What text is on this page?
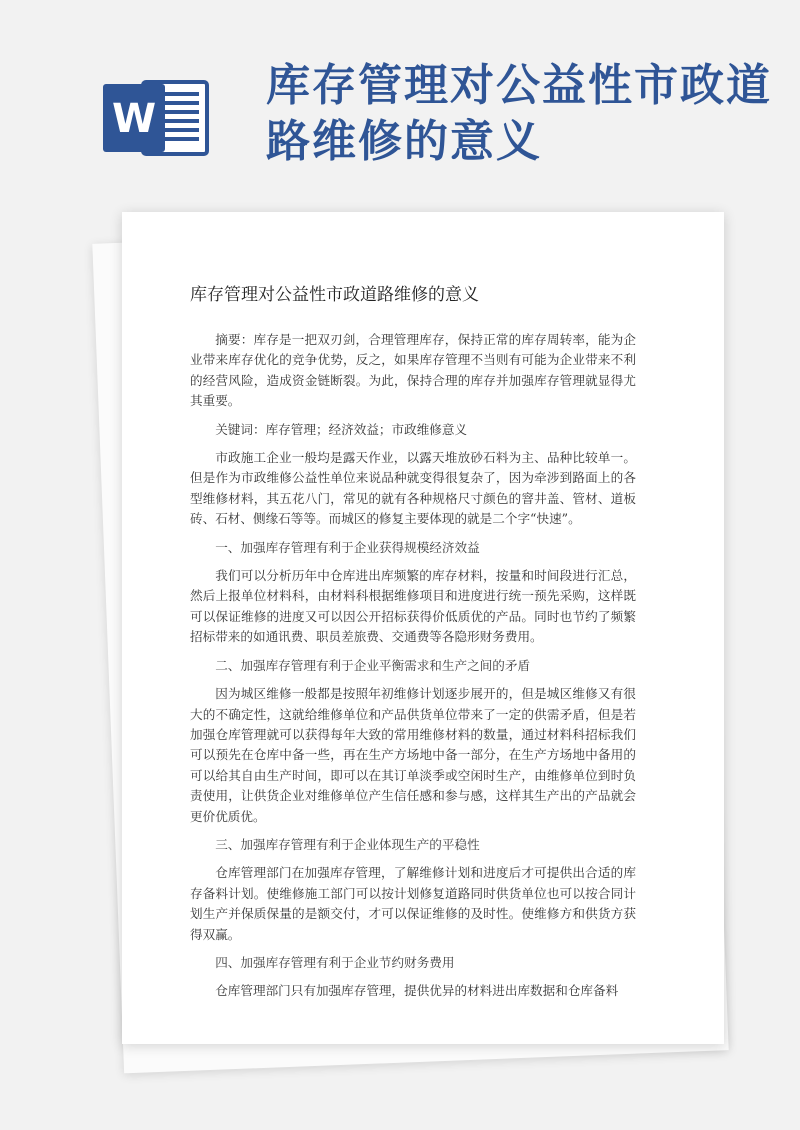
W
库存管理对公益性市政道路维修的意义
库存管理对公益性市政道路维修的意义

摘要：库存是一把双刃剑，合理管理库存，保持正常的库存周转率，能为企业带来库存优化的竞争优势，反之，如果库存管理不当则有可能为企业带来不利的经营风险，造成资金链断裂。为此，保持合理的库存并加强库存管理就显得尤其重要。

关键词：库存管理；经济效益；市政维修意义

市政施工企业一般均是露天作业，以露天堆放砂石料为主、品种比较单一。但是作为市政维修公益性单位来说品种就变得很复杂了，因为牵涉到路面上的各型维修材料，其五花八门，常见的就有各种规格尺寸颜色的窨井盖、管材、道板砖、石材、侧缘石等等。而城区的修复主要体现的就是二个字“快速”。

一、加强库存管理有利于企业获得规模经济效益

我们可以分析历年中仓库进出库频繁的库存材料，按量和时间段进行汇总，然后上报单位材料科，由材料科根据维修项目和进度进行统一预先采购，这样既可以保证维修的进度又可以因公开招标获得价低质优的产品。同时也节约了频繁招标带来的如通讯费、职员差旅费、交通费等各隐形财务费用。

二、加强库存管理有利于企业平衡需求和生产之间的矛盾

因为城区维修一般都是按照年初维修计划逐步展开的，但是城区维修又有很大的不确定性，这就给维修单位和产品供货单位带来了一定的供需矛盾，但是若加强仓库管理就可以获得每年大致的常用维修材料的数量，通过材料科招标我们可以预先在仓库中备一些，再在生产方场地中备一部分，在生产方场地中备用的可以给其自由生产时间，即可以在其订单淡季或空闲时生产，由维修单位到时负责使用，让供货企业对维修单位产生信任感和参与感，这样其生产出的产品就会更价优质优。

三、加强库存管理有利于企业体现生产的平稳性

仓库管理部门在加强库存管理，了解维修计划和进度后才可提供出合适的库存备料计划。使维修施工部门可以按计划修复道路同时供货单位也可以按合同计划生产并保质保量的是额交付，才可以保证维修的及时性。使维修方和供货方获得双赢。

四、加强库存管理有利于企业节约财务费用

仓库管理部门只有加强库存管理，提供优异的材料进出库数据和仓库备料
